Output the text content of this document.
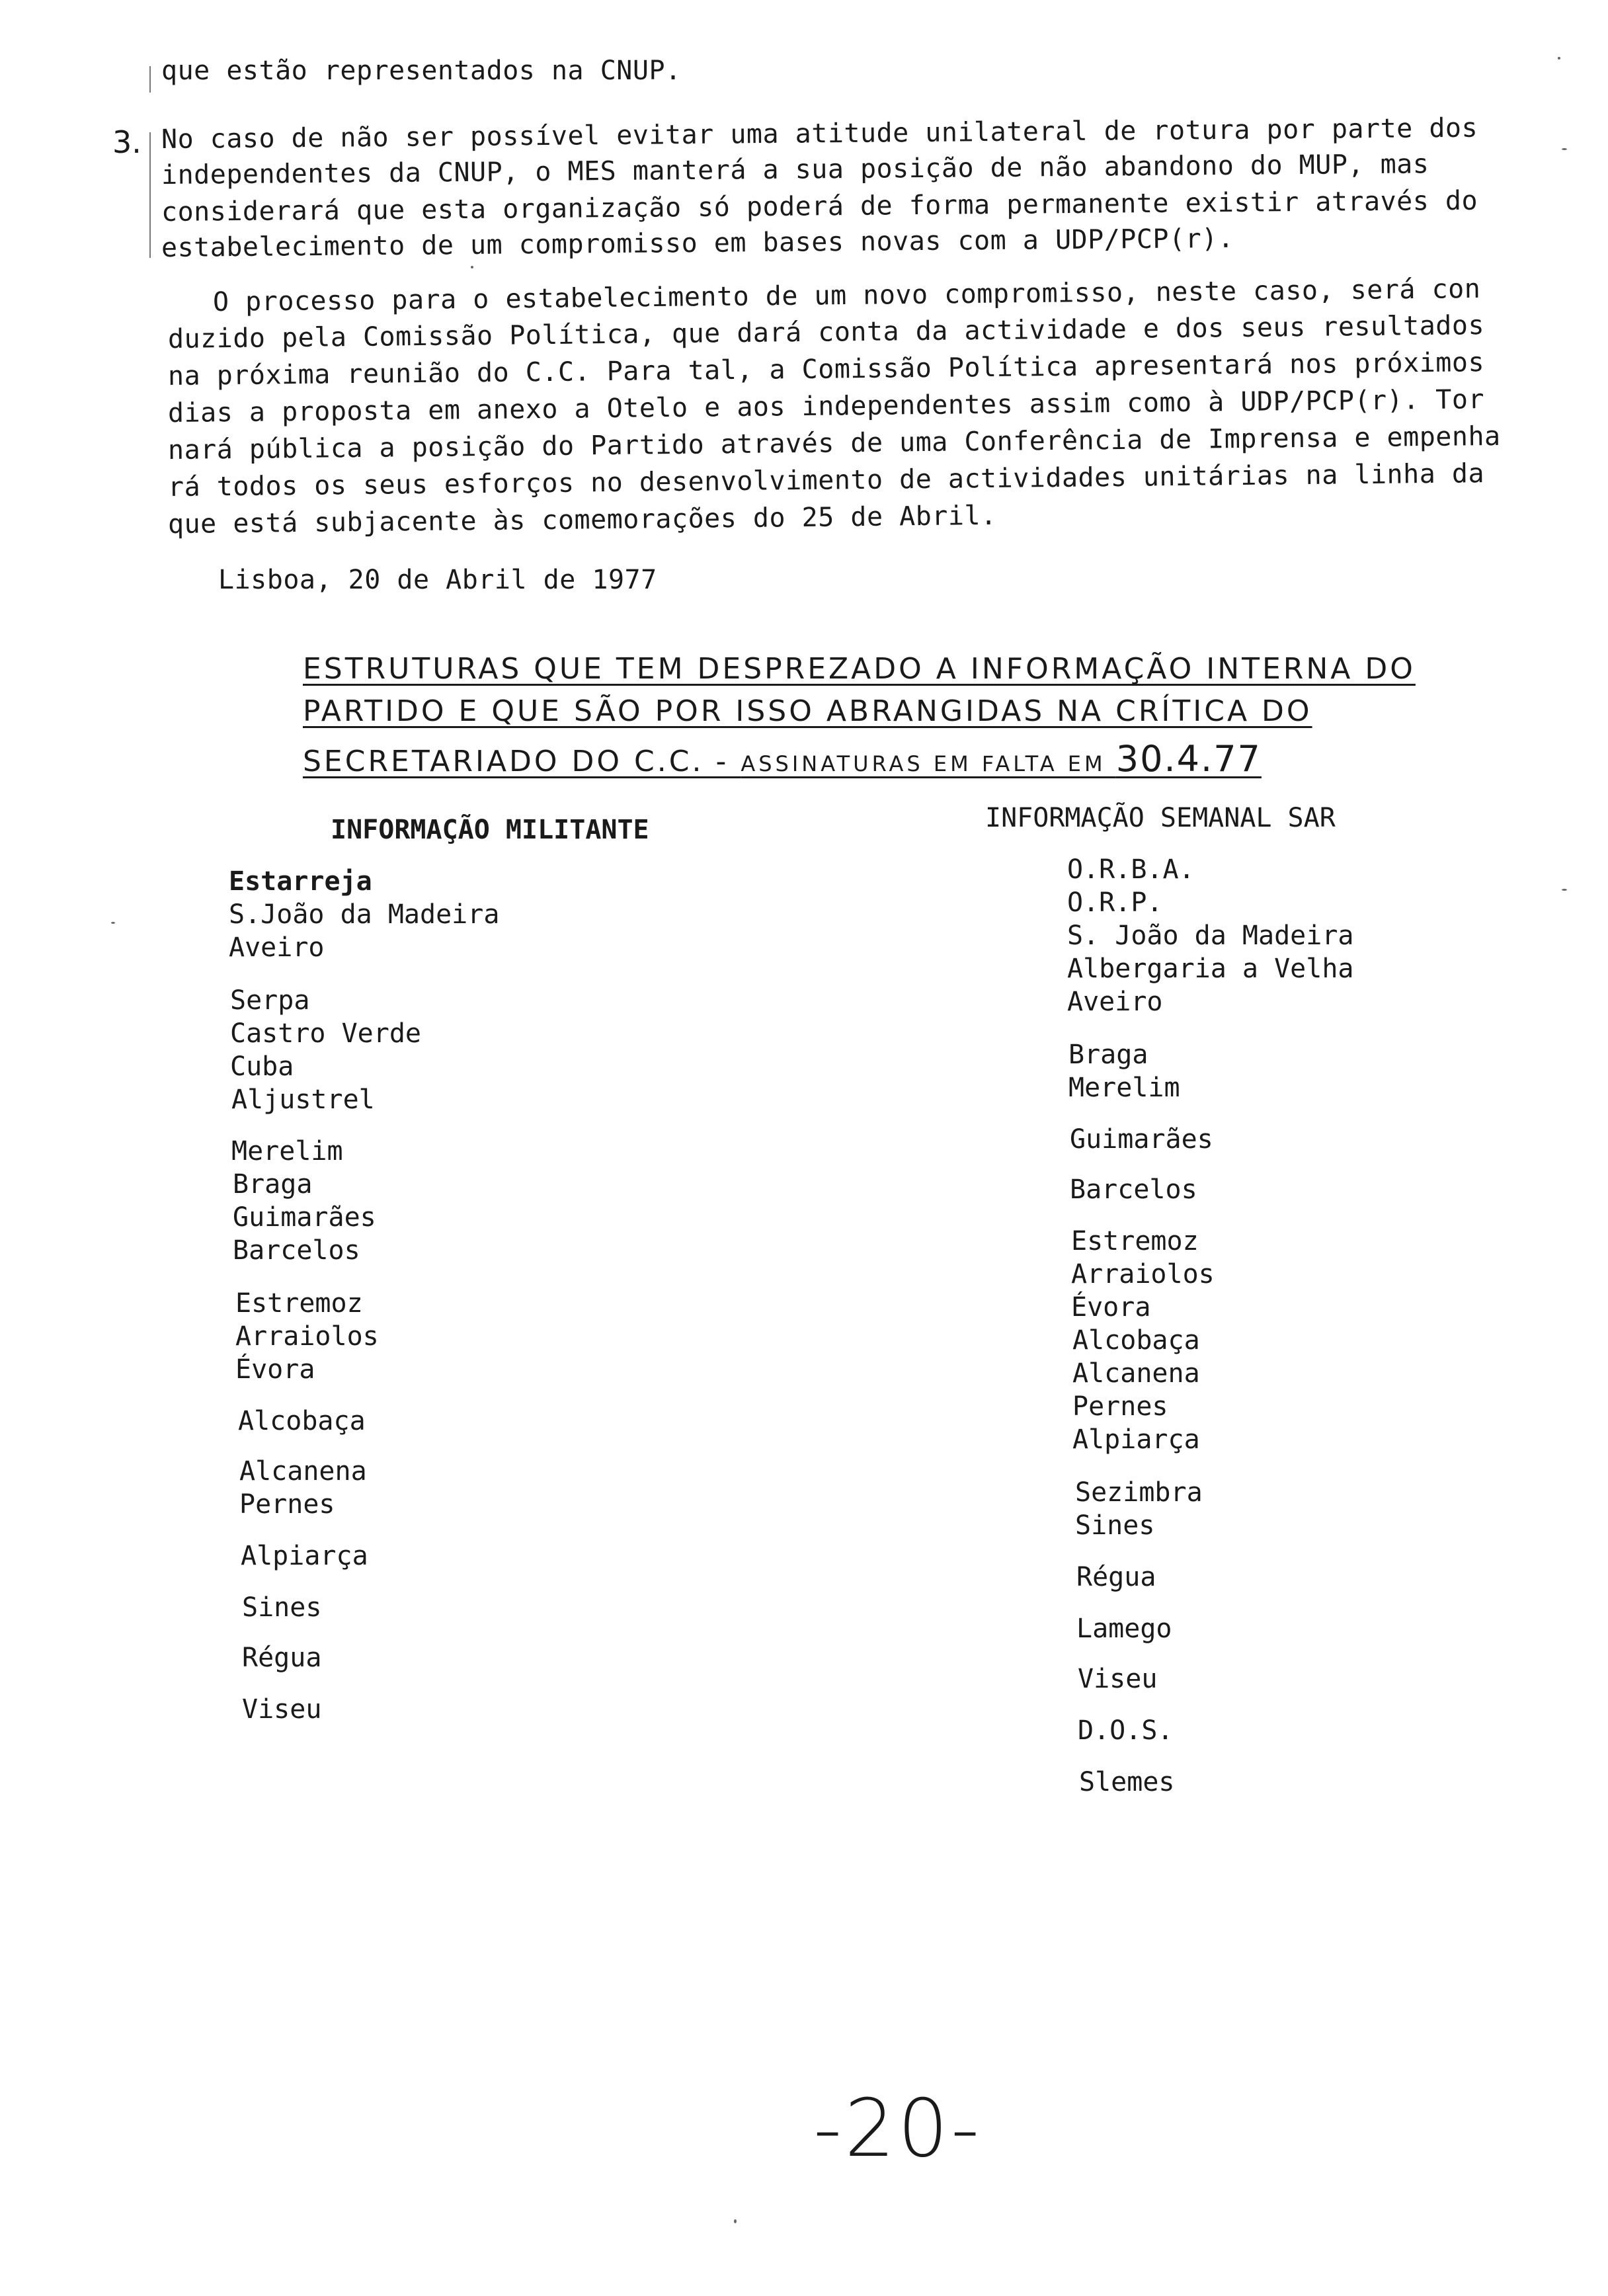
que estão representados na CNUP.
3. No caso de não ser possível evitar uma atitude unilateral de rotura por parte dos
independentes da CNUP, o MES manterá a sua posição de não abandono do MUP, mas
considerará que esta organização só poderá de forma permanente existir através do
estabelecimento de um compromisso em bases novas com a UDP/PCP(r).
O processo para o estabelecimento de um novo compromisso, neste caso, será con
duzido pela Comissão Política, que dará conta da actividade e dos seus resultados
na próxima reunião do C.C. Para tal, a Comissão Política apresentará nos próximos
dias a proposta em anexo a Otelo e aos independentes assim como à UDP/PCP(r). Tor
nará pública a posição do Partido através de uma Conferência de Imprensa e empenha
rá todos os seus esforços no desenvolvimento de actividades unitárias na linha da
que está subjacente às comemorações do 25 de Abril.
Lisboa, 20 de Abril de 1977
ESTRUTURAS QUE TEM DESPREZADO A INFORMAÇÃO INTERNA DO
PARTIDO E QUE SÃO POR ISSO ABRANGIDAS NA CRÍTICA DO
SECRETARIADO DO C.C. - ASSINATURAS EM FALTA EM 30.4.77
INFORMAÇÃO MILITANTE	INFORMAÇÃO SEMANAL SAR
Estarreja
S.João da Madeira
Aveiro
Serpa
Castro Verde
Cuba
Aljustrel
Merelim
Braga
Guimarães
Barcelos
Estremoz
Arraiolos
Évora
Alcobaça
Alcanena
Pernes
Alpiarça
Sines
Régua
Viseu
O.R.B.A.
O.R.P.
S. João da Madeira
Albergaria a Velha
Aveiro
Braga
Merelim
Guimarães
Barcelos
Estremoz
Arraiolos
Évora
Alcobaça
Alcanena
Pernes
Alpiarça
Sezimbra
Sines
Régua
Lamego
Viseu
D.O.S.
Slemes
-20-
